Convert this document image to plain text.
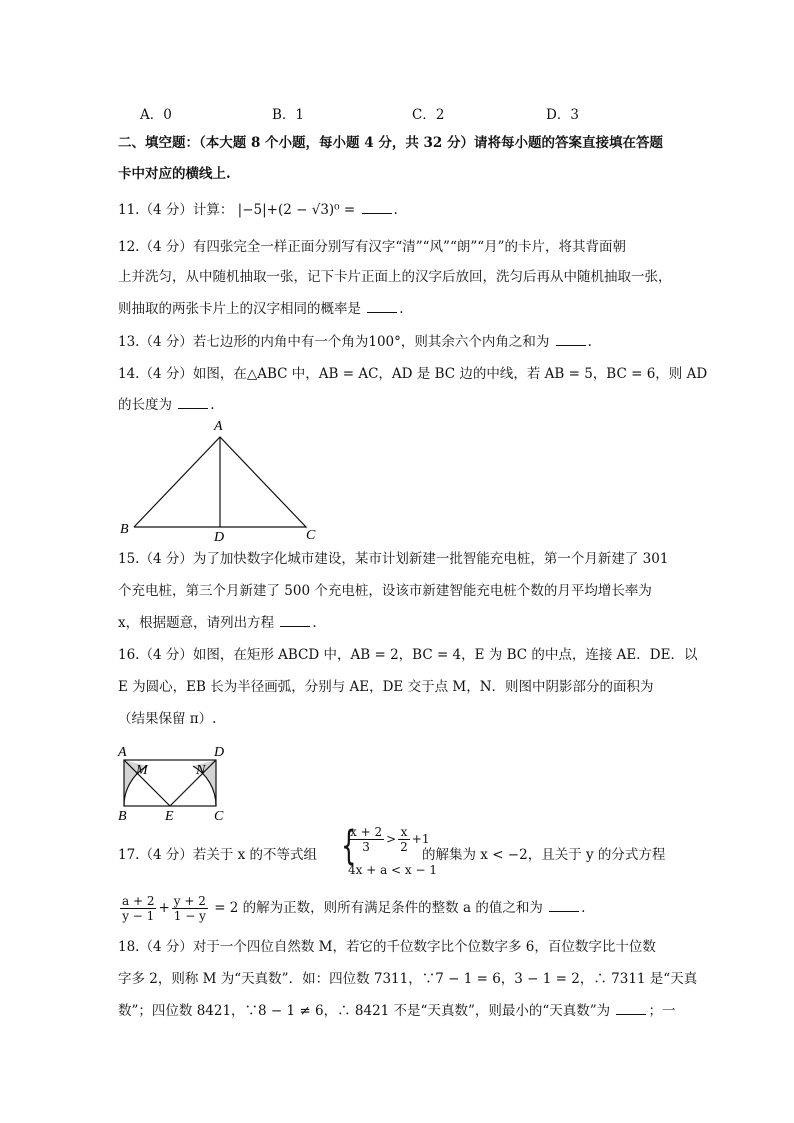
A．0	B．1	C．2	D．3
二、填空题：（本大题 8 个小题，每小题 4 分，共 32 分）请将每小题的答案直接填在答题
卡中对应的横线上.
11.（4 分）计算： |−5|+(2 − √3)⁰ =	.
12.（4 分）有四张完全一样正面分别写有汉字“清”“风”“朗”“月”的卡片，将其背面朝
上并洗匀，从中随机抽取一张，记下卡片正面上的汉字后放回，洗匀后再从中随机抽取一张，
则抽取的两张卡片上的汉字相同的概率是	.
13.（4 分）若七边形的内角中有一个角为100°，则其余六个内角之和为	.
14.（4 分）如图，在△ABC 中，AB = AC，AD 是 BC 边的中线，若 AB = 5，BC = 6，则 AD
的长度为	.
A
B	C
D
15.（4 分）为了加快数字化城市建设，某市计划新建一批智能充电桩，第一个月新建了 301
个充电桩，第三个月新建了 500 个充电桩，设该市新建智能充电桩个数的月平均增长率为
x，根据题意，请列出方程	.
16.（4 分）如图，在矩形 ABCD 中，AB = 2，BC = 4，E 为 BC 的中点，连接 AE．DE．以
E 为圆心，EB 长为半径画弧，分别与 AE，DE 交于点 M，N．则图中阴影部分的面积为
（结果保留 π）.
A	D
B	C
E
M	N
17.（4 分）若关于 x 的不等式组 {
$\frac{x + 2}{3} > \frac{x}{2} +1$
4x + a < x − 1
的解集为 x < −2，且关于 y 的分式方程
$\frac{a + 2}{y - 1} + \frac{y + 2}{1 - y} = 2$ 的解为正数，则所有满足条件的整数 a 的值之和为	.
18.（4 分）对于一个四位自然数 M，若它的千位数字比个位数字多 6，百位数字比十位数
字多 2，则称 M 为“天真数”．如：四位数 7311，∵7 − 1 = 6，3 − 1 = 2，∴ 7311 是“天真
数”；四位数 8421，∵8 − 1 ≠ 6，∴ 8421 不是“天真数”，则最小的“天真数”为	；一
